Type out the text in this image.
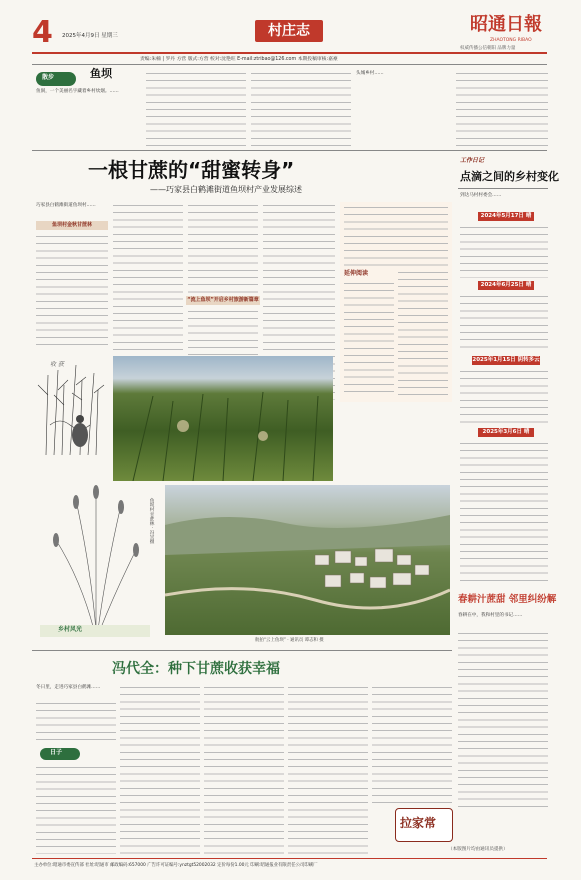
4 2025年4月9日 星期三	村庄志	昭通日報
ZHAOTONG RIBAO
权威传播公信朝阳 品牌力量
责编:朱楠 | 罗丹 方营 版式:方营 校对:沈艳旺 E-mail:ztribao@126.com 本期投稿审核:嘉豪
散步	鱼坝
鱼洞，一个美丽名字藏着乡村炊烟。……
头城乡村……
一根甘蔗的“甜蜜转身”
——巧家县白鹤滩街道鱼坝村产业发展综述
巧家县白鹤滩街道鱼坝村……
鱼坝村金秋甘蔗林
“流上鱼坝”开启乡村旅游新篇章
延伸阅读
收 获
鱼坝村甘蔗林 · 冯宗摄
航拍“云上鱼坝” · 通讯员 谭志和 摄
乡村风光
工作日记
点滴之间的乡村变化
到达马村村委会……
2024年5月17日 晴
2024年6月25日 晴
2025年1月15日 阴转多云
2025年3月6日 晴
春耕汁蔗甜 邻里纠纷解
春耕在中，我和村里的书记……
冯代全：种下甘蔗收获幸福
冬日里，走进巧家县白鹤滩……
日子
拉家常
（本版图片均由通讯员提供）
主办单位:昭通市委宣传部 社址:昭通市 邮政编码:657000 广告许可证编号:ynztgt52002032 定价每份1.00元 印刷:昭通报业有限责任公司印刷厂
